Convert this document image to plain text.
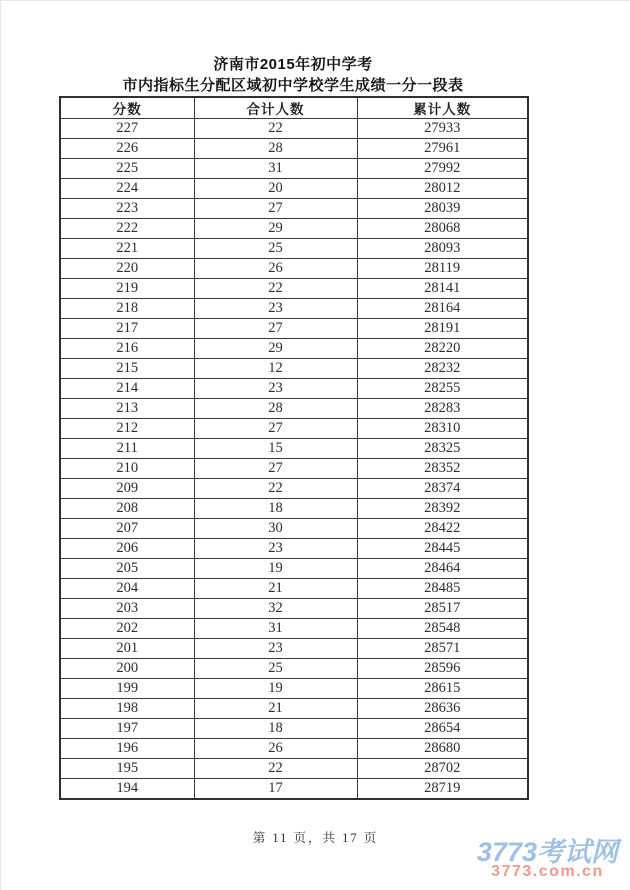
济南市2015年初中学考
市内指标生分配区域初中学校学生成绩一分一段表
分数	合计人数	累计人数
227	22	27933
226	28	27961
225	31	27992
224	20	28012
223	27	28039
222	29	28068
221	25	28093
220	26	28119
219	22	28141
218	23	28164
217	27	28191
216	29	28220
215	12	28232
214	23	28255
213	28	28283
212	27	28310
211	15	28325
210	27	28352
209	22	28374
208	18	28392
207	30	28422
206	23	28445
205	19	28464
204	21	28485
203	32	28517
202	31	28548
201	23	28571
200	25	28596
199	19	28615
198	21	28636
197	18	28654
196	26	28680
195	22	28702
194	17	28719
第 11 页，共 17 页	3773考试网
3773.com.cn
